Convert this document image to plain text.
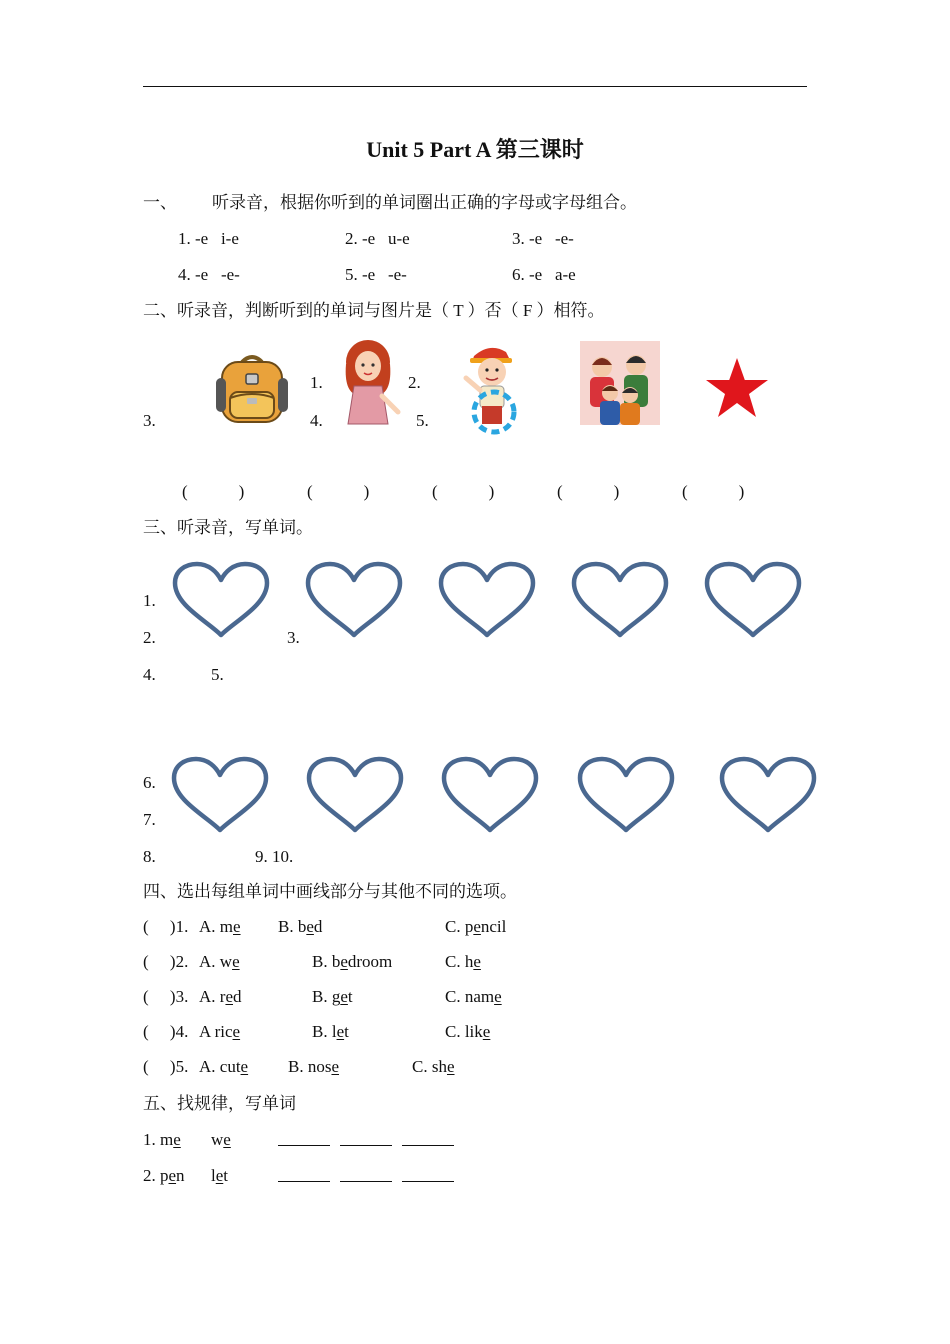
Unit 5 Part A 第三课时
一、 听录音，根据你听到的单词圈出正确的字母或字母组合。
1. -e   i-e	2. -e   u-e	3. -e   -e-
4. -e   -e-	5. -e   -e-	6. -e   a-e
二、听录音，判断听到的单词与图片是（ T ）否（ F ）相符。
1.	2.
3.	4.	5.
(            )	(            )	(            )	(            )	(            )
三、听录音，写单词。
1.
2.	3.
4.	5.
6.
7.
8.	9. 10.
四、选出每组单词中画线部分与其他不同的选项。
(     )1. A. me B. bed	C. pencil
(     )2. A. we	B. bedroom	C. he
(     )3. A. red	B. get	C. name
(     )4. A rice	B. let	C. like
(     )5. A. cute B. nose	C. she
五、找规律，写单词
1. me we
2. pen let
